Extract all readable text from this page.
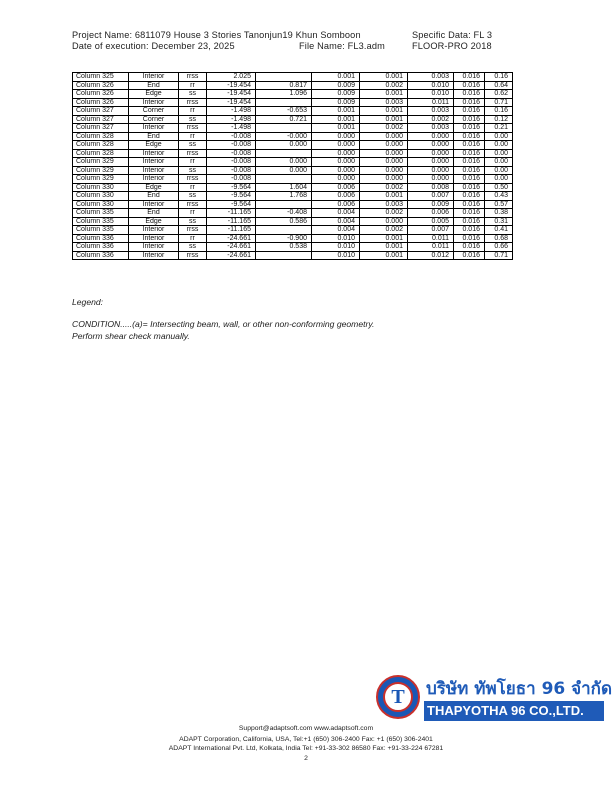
Project Name: 6811079 House 3 Stories Tanonjun19 Khun Somboon	Specific Data: FL 3
Date of execution: December 23, 2025	File Name: FL3.adm	FLOOR-PRO 2018
Column 325	Interior	rrss	2.025		0.001	0.001	0.003	0.016	0.16
Column 326	End	rr	-19.454	0.817	0.009	0.002	0.010	0.016	0.64
Column 326	Edge	ss	-19.454	1.096	0.009	0.001	0.010	0.016	0.62
Column 326	Interior	rrss	-19.454		0.009	0.003	0.011	0.016	0.71
Column 327	Corner	rr	-1.498	-0.653	0.001	0.001	0.003	0.016	0.16
Column 327	Corner	ss	-1.498	0.721	0.001	0.001	0.002	0.016	0.12
Column 327	Interior	rrss	-1.498		0.001	0.002	0.003	0.016	0.21
Column 328	End	rr	-0.008	-0.000	0.000	0.000	0.000	0.016	0.00
Column 328	Edge	ss	-0.008	0.000	0.000	0.000	0.000	0.016	0.00
Column 328	Interior	rrss	-0.008		0.000	0.000	0.000	0.016	0.00
Column 329	Interior	rr	-0.008	0.000	0.000	0.000	0.000	0.016	0.00
Column 329	Interior	ss	-0.008	0.000	0.000	0.000	0.000	0.016	0.00
Column 329	Interior	rrss	-0.008		0.000	0.000	0.000	0.016	0.00
Column 330	Edge	rr	-9.564	1.604	0.006	0.002	0.008	0.016	0.50
Column 330	End	ss	-9.564	1.768	0.006	0.001	0.007	0.016	0.43
Column 330	Interior	rrss	-9.564		0.006	0.003	0.009	0.016	0.57
Column 335	End	rr	-11.165	-0.408	0.004	0.002	0.006	0.016	0.38
Column 335	Edge	ss	-11.165	0.586	0.004	0.000	0.005	0.016	0.31
Column 335	Interior	rrss	-11.165		0.004	0.002	0.007	0.016	0.41
Column 336	Interior	rr	-24.661	-0.900	0.010	0.001	0.011	0.016	0.68
Column 336	Interior	ss	-24.661	0.538	0.010	0.001	0.011	0.016	0.66
Column 336	Interior	rrss	-24.661		0.010	0.001	0.012	0.016	0.71
Legend:
CONDITION.....(a)= Intersecting beam, wall, or other non-conforming geometry.
Perform shear check manually.
T	บริษัท ทัพโยธา 96 จำกัด
THAPYOTHA 96 CO.,LTD.
Support@adaptsoft.com www.adaptsoft.com
ADAPT Corporation, California, USA, Tel:+1 (650) 306-2400 Fax: +1 (650) 306-2401
ADAPT International Pvt. Ltd, Kolkata, India Tel: +91-33-302 86580 Fax: +91-33-224 67281
2
